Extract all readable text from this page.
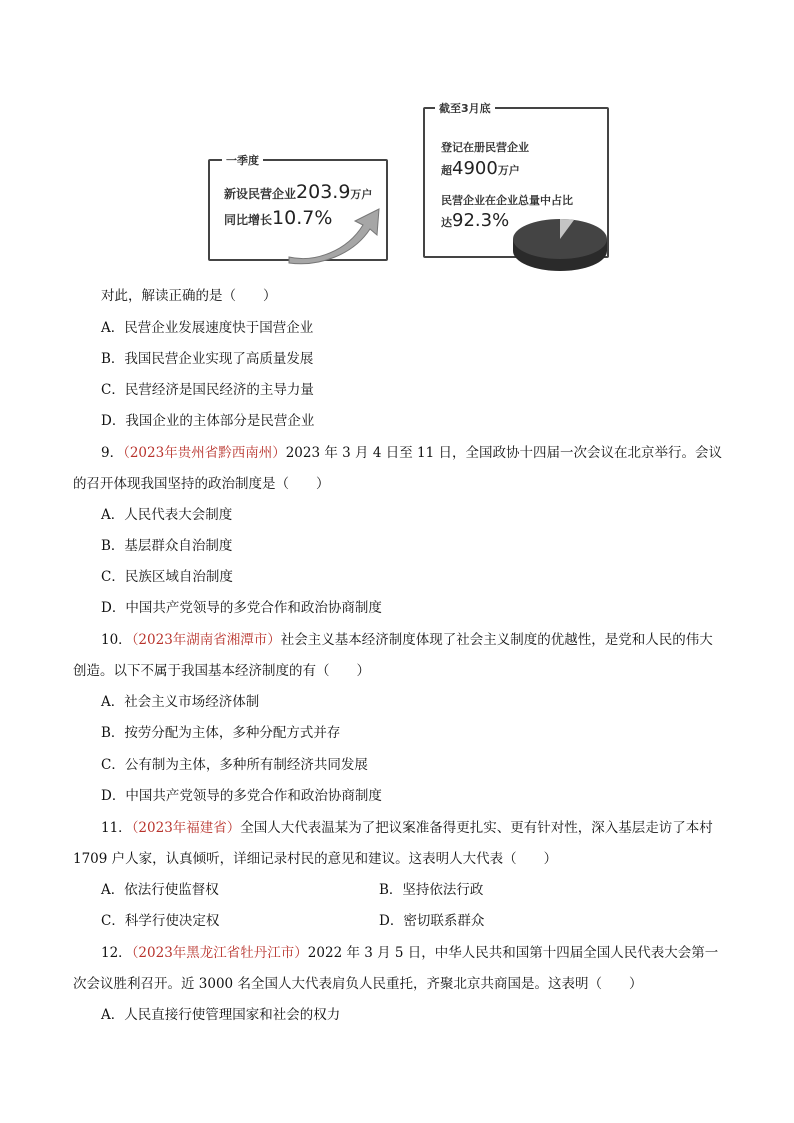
一季度
新设民营企业203.9万户
同比增长10.7%
截至3月底
登记在册民营企业
超4900万户
民营企业在企业总量中占比
达92.3%
对此，解读正确的是（　　）
A．民营企业发展速度快于国营企业
B．我国民营企业实现了高质量发展
C．民营经济是国民经济的主导力量
D．我国企业的主体部分是民营企业
9．（2023年贵州省黔西南州）2023 年 3 月 4 日至 11 日，全国政协十四届一次会议在北京举行。会议
的召开体现我国坚持的政治制度是（　　）
A．人民代表大会制度
B．基层群众自治制度
C．民族区域自治制度
D．中国共产党领导的多党合作和政治协商制度
10．（2023年湖南省湘潭市）社会主义基本经济制度体现了社会主义制度的优越性，是党和人民的伟大
创造。以下不属于我国基本经济制度的有（　　）
A．社会主义市场经济体制
B．按劳分配为主体，多种分配方式并存
C．公有制为主体，多种所有制经济共同发展
D．中国共产党领导的多党合作和政治协商制度
11．（2023年福建省）全国人大代表温某为了把议案准备得更扎实、更有针对性，深入基层走访了本村
1709 户人家，认真倾听，详细记录村民的意见和建议。这表明人大代表（　　）
A．依法行使监督权	B．坚持依法行政
C．科学行使决定权	D．密切联系群众
12．（2023年黑龙江省牡丹江市）2022 年 3 月 5 日，中华人民共和国第十四届全国人民代表大会第一
次会议胜利召开。近 3000 名全国人大代表肩负人民重托，齐聚北京共商国是。这表明（　　）
A．人民直接行使管理国家和社会的权力
